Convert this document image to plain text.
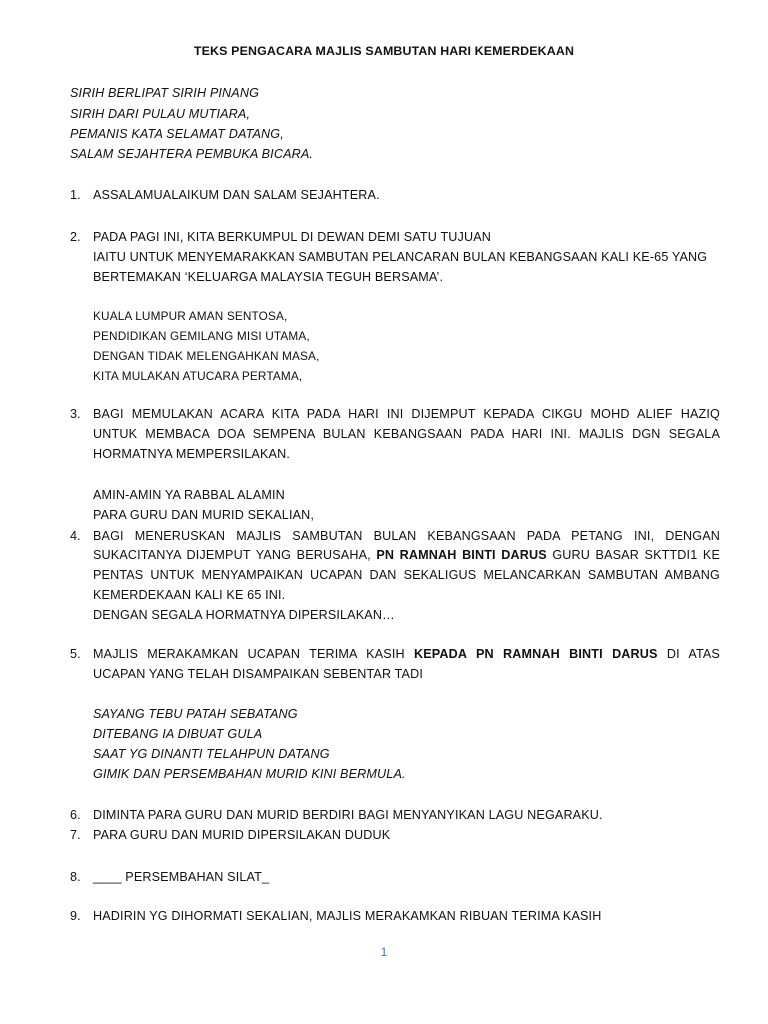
TEKS PENGACARA MAJLIS SAMBUTAN HARI KEMERDEKAAN
SIRIH BERLIPAT SIRIH PINANG
SIRIH DARI PULAU MUTIARA,
PEMANIS KATA SELAMAT DATANG,
SALAM SEJAHTERA PEMBUKA BICARA.
1. ASSALAMUALAIKUM DAN SALAM SEJAHTERA.
2. PADA PAGI INI, KITA BERKUMPUL DI DEWAN DEMI SATU TUJUAN
IAITU UNTUK MENYEMARAKKAN SAMBUTAN PELANCARAN BULAN KEBANGSAAN KALI KE-65 YANG
BERTEMAKAN ‘KELUARGA MALAYSIA TEGUH BERSAMA’.
KUALA LUMPUR AMAN SENTOSA,
PENDIDIKAN GEMILANG MISI UTAMA,
DENGAN TIDAK MELENGAHKAN MASA,
KITA MULAKAN ATUCARA PERTAMA,
3. BAGI MEMULAKAN ACARA KITA PADA HARI INI DIJEMPUT KEPADA CIKGU MOHD ALIEF HAZIQ
UNTUK MEMBACA DOA SEMPENA BULAN KEBANGSAAN PADA HARI INI. MAJLIS DGN SEGALA
HORMATNYA MEMPERSILAKAN.
AMIN-AMIN YA RABBAL ALAMIN
PARA GURU DAN MURID SEKALIAN,
4. BAGI MENERUSKAN MAJLIS SAMBUTAN BULAN KEBANGSAAN PADA PETANG INI, DENGAN
SUKACITANYA DIJEMPUT YANG BERUSAHA, PN RAMNAH BINTI DARUS GURU BASAR SKTTDI1 KE
PENTAS UNTUK MENYAMPAIKAN UCAPAN DAN SEKALIGUS MELANCARKAN SAMBUTAN AMBANG
KEMERDEKAAN KALI KE 65 INI.
DENGAN SEGALA HORMATNYA DIPERSILAKAN…
5. MAJLIS MERAKAMKAN UCAPAN TERIMA KASIH KEPADA PN RAMNAH BINTI DARUS DI ATAS
UCAPAN YANG TELAH DISAMPAIKAN SEBENTAR TADI
SAYANG TEBU PATAH SEBATANG
DITEBANG IA DIBUAT GULA
SAAT YG DINANTI TELAHPUN DATANG
GIMIK DAN PERSEMBAHAN MURID KINI BERMULA.
6. DIMINTA PARA GURU DAN MURID BERDIRI BAGI MENYANYIKAN LAGU NEGARAKU.
7. PARA GURU DAN MURID DIPERSILAKAN DUDUK
8. ____ PERSEMBAHAN SILAT_
9. HADIRIN YG DIHORMATI SEKALIAN, MAJLIS MERAKAMKAN RIBUAN TERIMA KASIH
1
